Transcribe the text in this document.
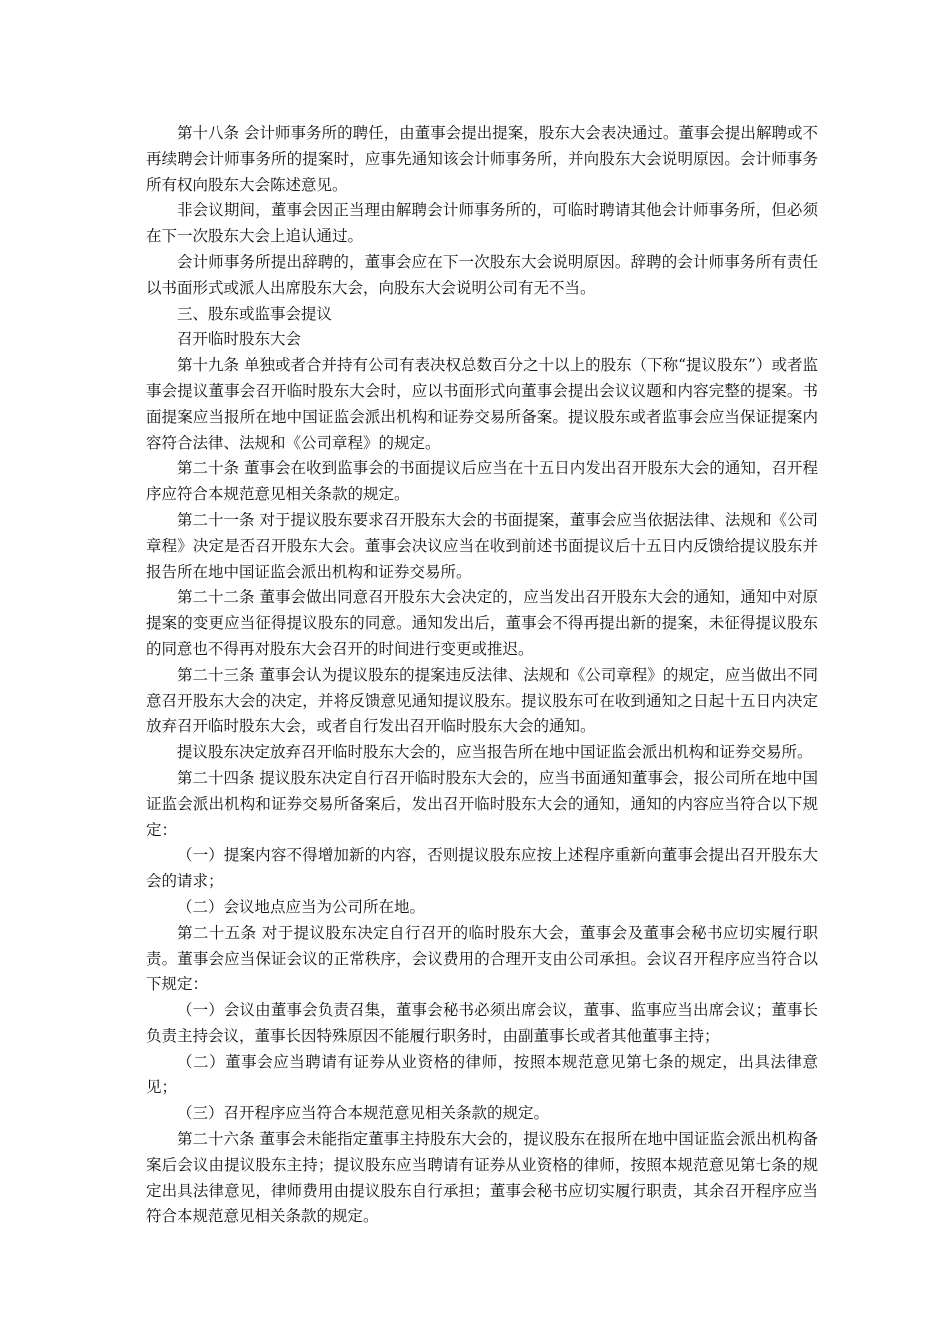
第十八条 会计师事务所的聘任，由董事会提出提案，股东大会表决通过。董事会提出解聘或不再续聘会计师事务所的提案时，应事先通知该会计师事务所，并向股东大会说明原因。会计师事务所有权向股东大会陈述意见。

非会议期间，董事会因正当理由解聘会计师事务所的，可临时聘请其他会计师事务所，但必须在下一次股东大会上追认通过。

会计师事务所提出辞聘的，董事会应在下一次股东大会说明原因。辞聘的会计师事务所有责任以书面形式或派人出席股东大会，向股东大会说明公司有无不当。

三、股东或监事会提议

召开临时股东大会

第十九条 单独或者合并持有公司有表决权总数百分之十以上的股东（下称“提议股东”）或者监事会提议董事会召开临时股东大会时，应以书面形式向董事会提出会议议题和内容完整的提案。书面提案应当报所在地中国证监会派出机构和证券交易所备案。提议股东或者监事会应当保证提案内容符合法律、法规和《公司章程》的规定。

第二十条 董事会在收到监事会的书面提议后应当在十五日内发出召开股东大会的通知，召开程序应符合本规范意见相关条款的规定。

第二十一条 对于提议股东要求召开股东大会的书面提案，董事会应当依据法律、法规和《公司章程》决定是否召开股东大会。董事会决议应当在收到前述书面提议后十五日内反馈给提议股东并报告所在地中国证监会派出机构和证券交易所。

第二十二条 董事会做出同意召开股东大会决定的，应当发出召开股东大会的通知，通知中对原提案的变更应当征得提议股东的同意。通知发出后，董事会不得再提出新的提案，未征得提议股东的同意也不得再对股东大会召开的时间进行变更或推迟。

第二十三条 董事会认为提议股东的提案违反法律、法规和《公司章程》的规定，应当做出不同意召开股东大会的决定，并将反馈意见通知提议股东。提议股东可在收到通知之日起十五日内决定放弃召开临时股东大会，或者自行发出召开临时股东大会的通知。

提议股东决定放弃召开临时股东大会的，应当报告所在地中国证监会派出机构和证券交易所。

第二十四条 提议股东决定自行召开临时股东大会的，应当书面通知董事会，报公司所在地中国证监会派出机构和证券交易所备案后，发出召开临时股东大会的通知，通知的内容应当符合以下规定：

（一）提案内容不得增加新的内容，否则提议股东应按上述程序重新向董事会提出召开股东大会的请求；

（二）会议地点应当为公司所在地。

第二十五条 对于提议股东决定自行召开的临时股东大会，董事会及董事会秘书应切实履行职责。董事会应当保证会议的正常秩序，会议费用的合理开支由公司承担。会议召开程序应当符合以下规定：

（一）会议由董事会负责召集，董事会秘书必须出席会议，董事、监事应当出席会议；董事长负责主持会议，董事长因特殊原因不能履行职务时，由副董事长或者其他董事主持；

（二）董事会应当聘请有证券从业资格的律师，按照本规范意见第七条的规定，出具法律意见；

（三）召开程序应当符合本规范意见相关条款的规定。

第二十六条 董事会未能指定董事主持股东大会的，提议股东在报所在地中国证监会派出机构备案后会议由提议股东主持；提议股东应当聘请有证券从业资格的律师，按照本规范意见第七条的规定出具法律意见，律师费用由提议股东自行承担；董事会秘书应切实履行职责，其余召开程序应当符合本规范意见相关条款的规定。
